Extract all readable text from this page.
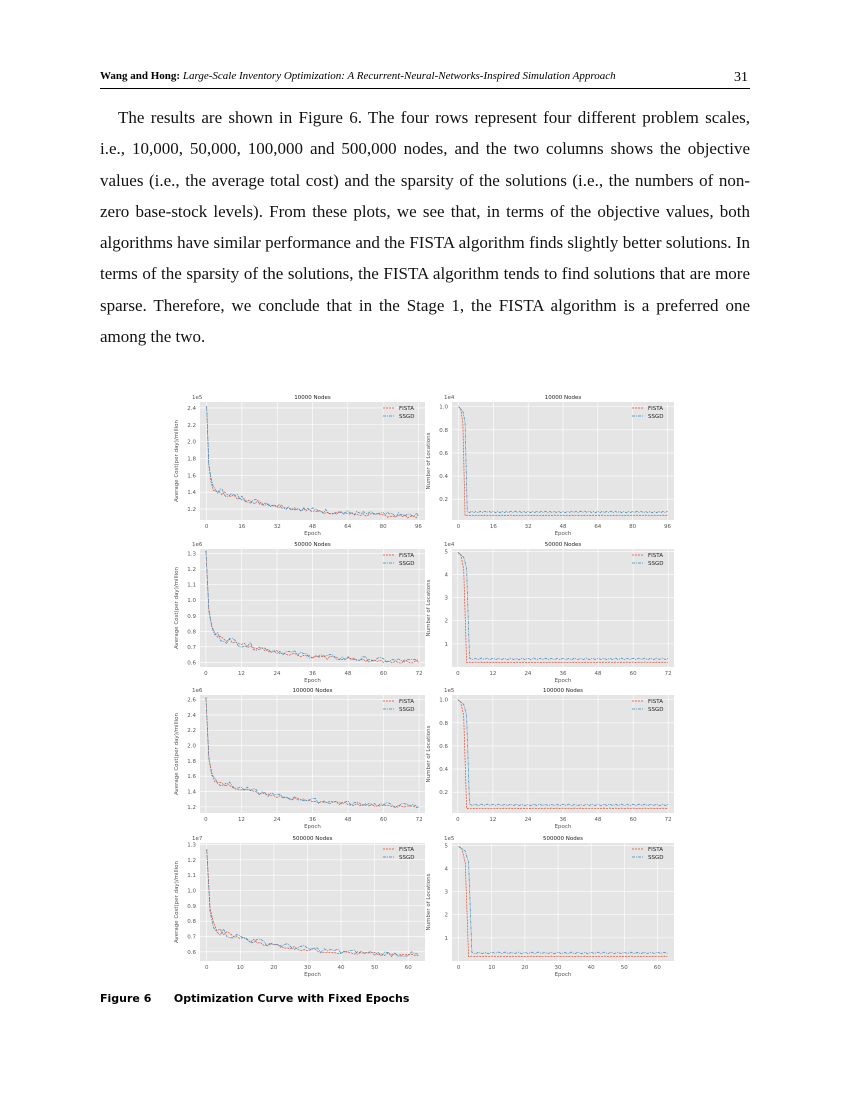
Wang and Hong: Large-Scale Inventory Optimization: A Recurrent-Neural-Networks-Inspired Simulation Approach	31

The results are shown in Figure 6. The four rows represent four different problem scales, i.e., 10,000, 50,000, 100,000 and 500,000 nodes, and the two columns shows the objective values (i.e., the average total cost) and the sparsity of the solutions (i.e., the numbers of non-zero base-stock levels). From these plots, we see that, in terms of the objective values, both algorithms have similar performance and the FISTA algorithm finds slightly better solutions. In terms of the sparsity of the solutions, the FISTA algorithm tends to find solutions that are more sparse. Therefore, we conclude that in the Stage 1, the FISTA algorithm is a preferred one among the two.

0	16	32	48	64	80	96
1.2
1.4
1.6
1.8
2.0
2.2
2.4
1e5	10000 Nodes
Epoch
Average Cost(per day)/million
FISTA
SSGD
0	16	32	48	64	80	96
0.2
0.4
0.6
0.8
1.0
1e4	10000 Nodes
Epoch
Number of Locations
FISTA
SSGD
0	12	24	36	48	60	72
0.6
0.7
0.8
0.9
1.0
1.1
1.2
1.3
1e6	50000 Nodes
Epoch
Average Cost(per day)/million
FISTA
SSGD
0	12	24	36	48	60	72
1
2
3
4
5
1e4	50000 Nodes
Epoch
Number of Locations
FISTA
SSGD
0	12	24	36	48	60	72
1.2
1.4
1.6
1.8
2.0
2.2
2.4
2.6
1e6	100000 Nodes
Epoch
Average Cost(per day)/million
FISTA
SSGD
0	12	24	36	48	60	72
0.2
0.4
0.6
0.8
1.0
1e5	100000 Nodes
Epoch
Number of Locations
FISTA
SSGD
0	10	20	30	40	50	60
0.6
0.7
0.8
0.9
1.0
1.1
1.2
1.3
1e7	500000 Nodes
Epoch
Average Cost(per day)/million
FISTA
SSGD
0	10	20	30	40	50	60
1
2
3
4
5
1e5	500000 Nodes
Epoch
Number of Locations
FISTA
SSGD
Figure 6 Optimization Curve with Fixed Epochs
